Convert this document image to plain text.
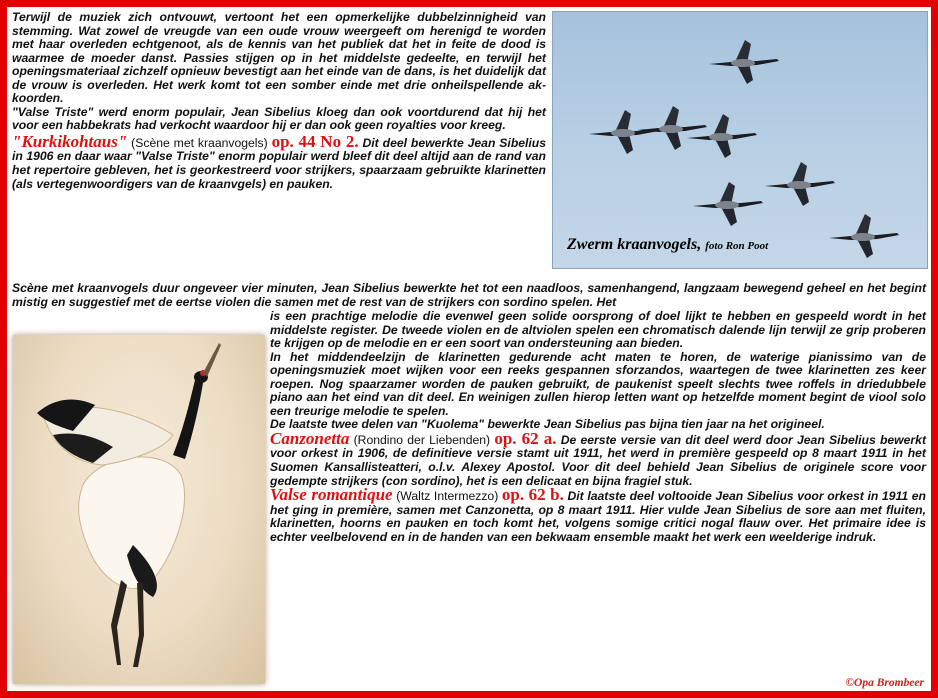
Terwijl de muziek zich ontvouwt, vertoont het een opmerkelijke dubbelzinnigheid van stemming. Wat zowel de vreugde van een oude vrouw weergeeft om herenigd te worden met haar overleden echtgenoot, als de kennis van het publiek dat het in feite de dood is waarmee de moeder danst. Passies stijgen op in het middelste gedeelte, en terwijl het openingsmateriaal zichzelf opnieuw bevestigt aan het einde van de dans, is het duidelijk dat de vrouw is overleden. Het werk komt tot een somber einde met drie onheilspellende akkoorden.

"Valse Triste" werd enorm populair, Jean Sibelius kloeg dan ook voortdurend dat hij het voor een habbekrats had verkocht waardoor hij er dan ook geen royalties voor kreeg.

"Kurkikohtaus" (Scène met kraanvogels) op. 44 No 2. Dit deel bewerkte Jean Sibelius in 1906 en daar waar "Valse Triste" enorm populair werd bleef dit deel altijd aan de rand van het repertoire gebleven, het is georkestreerd voor strijkers, spaarzaam gebruikte klarinetten (als vertegenwoordigers van de kraanvgels) en pauken.

Scène met kraanvogels duur ongeveer vier minuten, Jean Sibelius bewerkte het tot een naadloos, samenhangend, langzaam bewegend geheel en het begint mistig en suggestief met de eertse violen die samen met de rest van de strijkers con sordino spelen. Het

is een prachtige melodie die evenwel geen solide oorsprong of doel lijkt te hebben en gespeeld wordt in het middelste register. De tweede violen en de altviolen spelen een chromatisch dalende lijn terwijl ze grip proberen te krijgen op de melodie en er een soort van ondersteuning aan bieden.

In het middendeelzijn de klarinetten gedurende acht maten te horen, de waterige pianissimo van de openingsmuziek moet wijken voor een reeks gespannen sforzandos, waartegen de twee klarinetten zes keer roepen. Nog spaarzamer worden de pauken gebruikt, de paukenist speelt slechts twee roffels in driedubbele piano aan het eind van dit deel. En weinigen zullen hierop letten want op hetzelfde moment begint de viool solo een treurige melodie te spelen.

De laatste twee delen van "Kuolema" bewerkte Jean Sibelius pas bijna tien jaar na het origineel.

Canzonetta (Rondino der Liebenden) op. 62 a. De eerste versie van dit deel werd door Jean Sibelius bewerkt voor orkest in 1906, de definitieve versie stamt uit 1911, het werd in première gespeeld op 8 maart 1911 in het Suomen Kansallisteatteri, o.l.v. Alexey Apostol. Voor dit deel behield Jean Sibelius de originele score voor gedempte strijkers (con sordino), het is een delicaat en bijna fragiel stuk.

Valse romantique (Waltz Intermezzo) op. 62 b. Dit laatste deel voltooide Jean Sibelius voor orkest in 1911 en het ging in première, samen met Canzonetta, op 8 maart 1911. Hier vulde Jean Sibelius de sore aan met fluiten, klarinetten, hoorns en pauken en toch komt het, volgens somige critici nogal flauw over. Het primaire idee is echter veelbelovend en in de handen van een bekwaam ensemble maakt het werk een weelderige indruk.

Zwerm kraanvogels, foto Ron Poot
©Opa Brombeer
